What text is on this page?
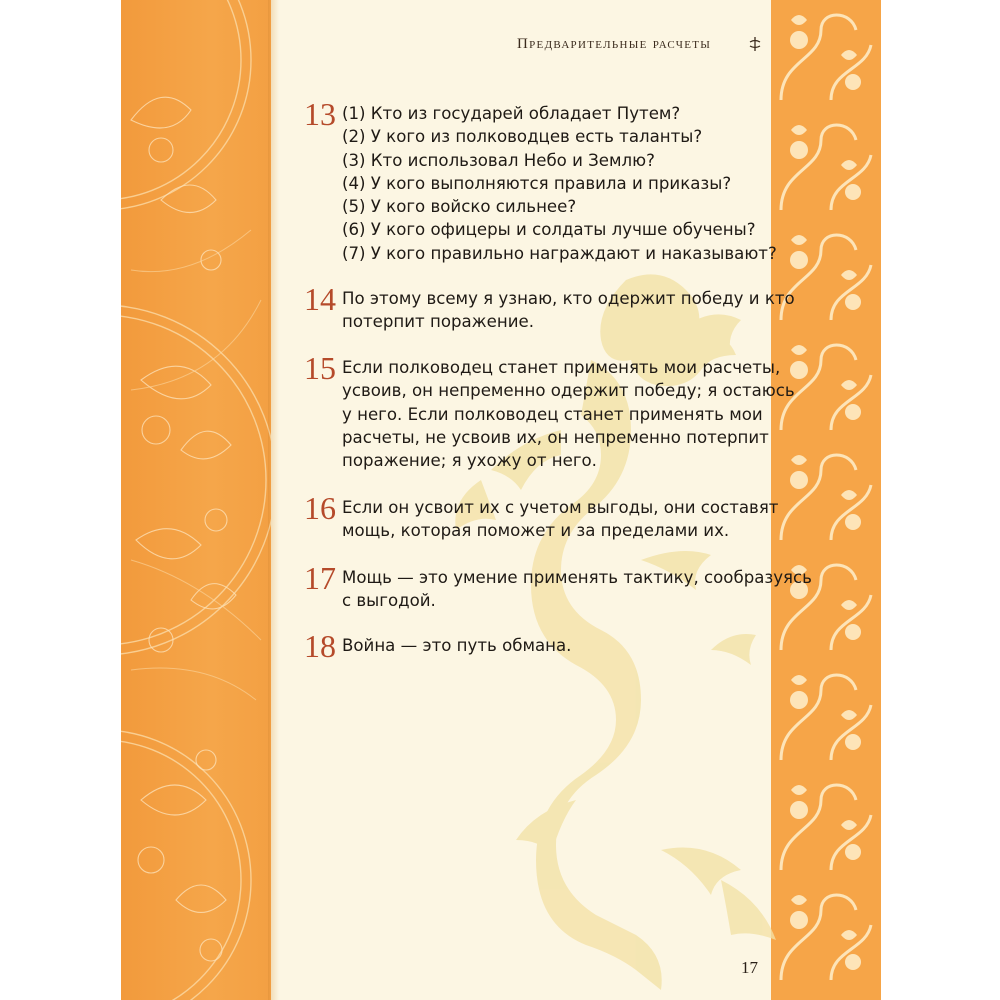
Предварительные расчеты
13 (1) Кто из государей обладает Путем?
(2) У кого из полководцев есть таланты?
(3) Кто использовал Небо и Землю?
(4) У кого выполняются правила и приказы?
(5) У кого войско сильнее?
(6) У кого офицеры и солдаты лучше обучены?
(7) У кого правильно награждают и наказывают?
14 По этому всему я узнаю, кто одержит победу и кто
потерпит поражение.
15 Если полководец станет применять мои расчеты,
усвоив, он непременно одержит победу; я остаюсь
у него. Если полководец станет применять мои
расчеты, не усвоив их, он непременно потерпит
поражение; я ухожу от него.
16 Если он усвоит их с учетом выгоды, они составят
мощь, которая поможет и за пределами их.
17 Мощь — это умение применять тактику, сообразуясь
с выгодой.
18 Война — это путь обмана.
17
